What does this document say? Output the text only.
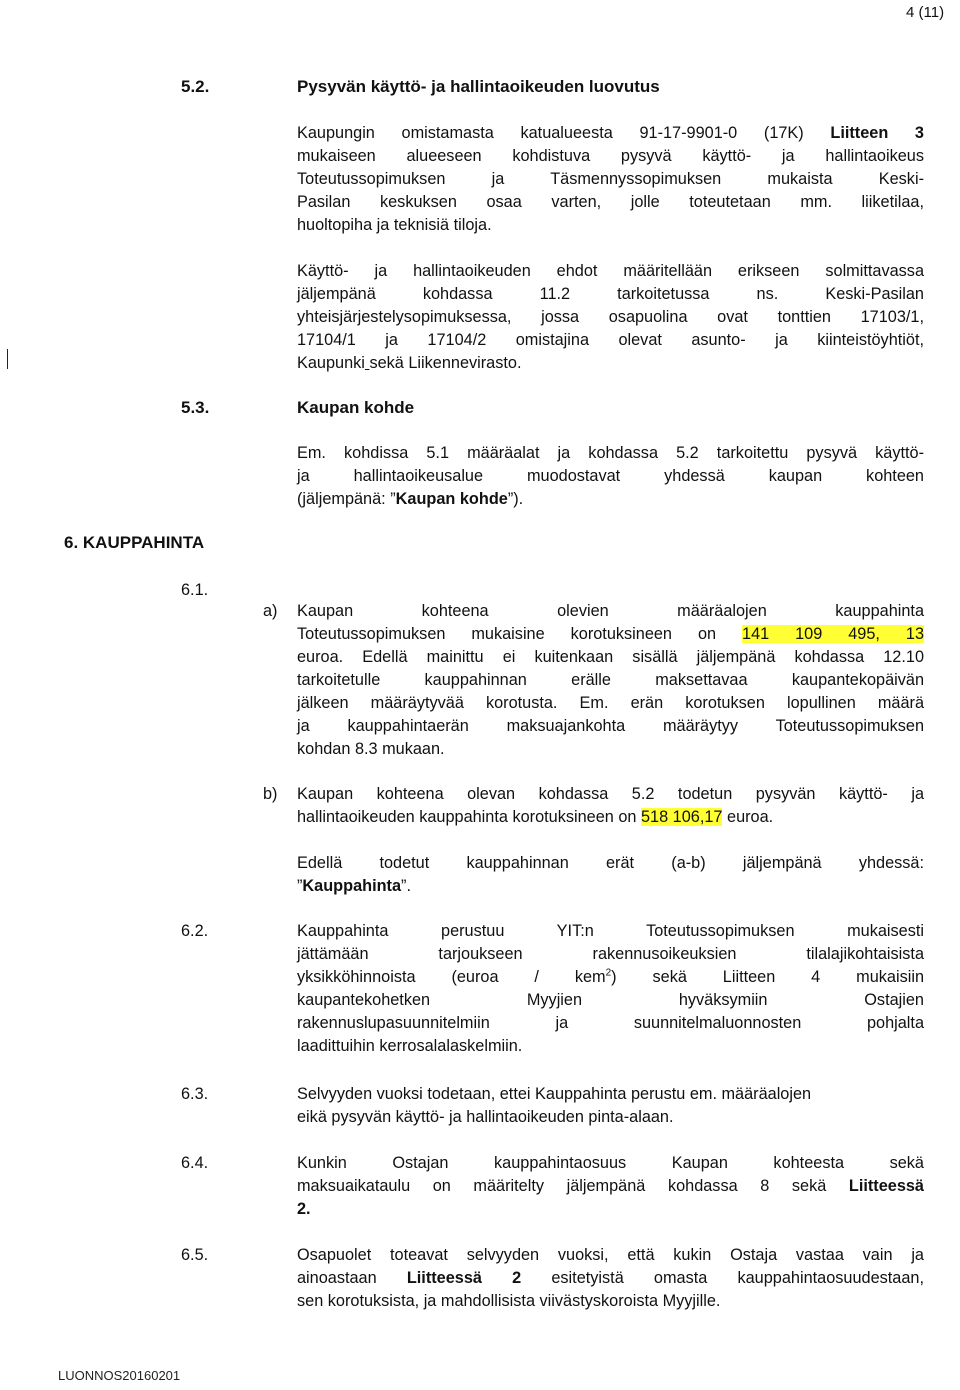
4 (11)
5.2.	Pysyvän käyttö- ja hallintaoikeuden luovutus
Kaupungin omistamasta katualueesta 91-17-9901-0 (17K) Liitteen 3
mukaiseen alueeseen kohdistuva pysyvä käyttö- ja hallintaoikeus
Toteutussopimuksen ja Täsmennyssopimuksen mukaista Keski-
Pasilan keskuksen osaa varten, jolle toteutetaan mm. liiketilaa,
huoltopiha ja teknisiä tiloja.
Käyttö- ja hallintaoikeuden ehdot määritellään erikseen solmittavassa
jäljempänä kohdassa 11.2 tarkoitetussa ns. Keski-Pasilan
yhteisjärjestelysopimuksessa, jossa osapuolina ovat tonttien 17103/1,
17104/1 ja 17104/2 omistajina olevat asunto- ja kiinteistöyhtiöt,
Kaupunki sekä Liikennevirasto.
5.3.	Kaupan kohde
Em. kohdissa 5.1 määräalat ja kohdassa 5.2 tarkoitettu pysyvä käyttö-
ja hallintaoikeusalue muodostavat yhdessä kaupan kohteen
(jäljempänä: ”Kaupan kohde”).
6. KAUPPAHINTA
6.1.
a) Kaupan kohteena olevien määräalojen kauppahinta
Toteutussopimuksen mukaisine korotuksineen on 141 109 495, 13
euroa. Edellä mainittu ei kuitenkaan sisällä jäljempänä kohdassa 12.10
tarkoitetulle kauppahinnan erälle maksettavaa kaupantekopäivän
jälkeen määräytyvää korotusta. Em. erän korotuksen lopullinen määrä
ja kauppahintaerän maksuajankohta määräytyy Toteutussopimuksen
kohdan 8.3 mukaan.
b) Kaupan kohteena olevan kohdassa 5.2 todetun pysyvän käyttö- ja
hallintaoikeuden kauppahinta korotuksineen on 518 106,17 euroa.
Edellä todetut kauppahinnan erät (a-b) jäljempänä yhdessä:
”Kauppahinta”.
6.2.	Kauppahinta perustuu YIT:n Toteutussopimuksen mukaisesti
jättämään tarjoukseen rakennusoikeuksien tilalajikohtaisista
yksikköhinnoista (euroa / kem$^2$) sekä Liitteen 4 mukaisiin
kaupantekohetken Myyjien hyväksymiin Ostajien
rakennuslupasuunnitelmiin ja suunnitelmaluonnosten pohjalta
laadittuihin kerrosalalaskelmiin.
6.3.	Selvyyden vuoksi todetaan, ettei Kauppahinta perustu em. määräalojen
eikä pysyvän käyttö- ja hallintaoikeuden pinta-alaan.
6.4.	Kunkin Ostajan kauppahintaosuus Kaupan kohteesta sekä
maksuaikataulu on määritelty jäljempänä kohdassa 8 sekä Liitteessä
2.
6.5.	Osapuolet toteavat selvyyden vuoksi, että kukin Ostaja vastaa vain ja
ainoastaan Liitteessä 2 esitetyistä omasta kauppahintaosuudestaan,
sen korotuksista, ja mahdollisista viivästyskoroista Myyjille.
LUONNOS20160201
